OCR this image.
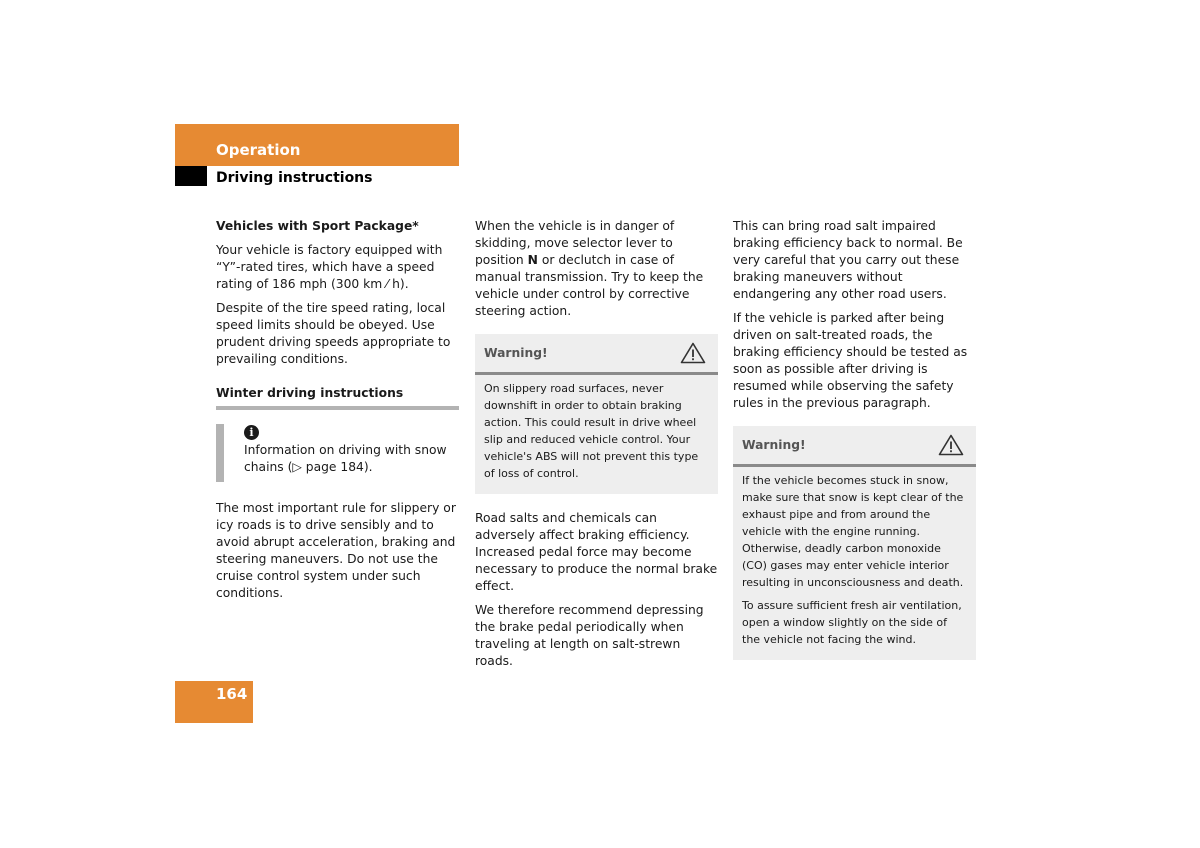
Operation
Driving instructions
Vehicles with Sport Package*

Your vehicle is factory equipped with “Y”-rated tires, which have a speed rating of 186 mph (300 km ⁄ h).

Despite of the tire speed rating, local speed limits should be obeyed. Use prudent driving speeds appropriate to prevailing conditions.

Winter driving instructions
i

Information on driving with snow chains (▷ page 184).

The most important rule for slippery or icy roads is to drive sensibly and to avoid abrupt acceleration, braking and steering maneuvers. Do not use the cruise control system under such conditions.

When the vehicle is in danger of skidding, move selector lever to position N or declutch in case of manual transmission. Try to keep the vehicle under control by corrective steering action.

Warning!

On slippery road surfaces, never downshift in order to obtain braking action. This could result in drive wheel slip and reduced vehicle control. Your vehicle's ABS will not prevent this type of loss of control.

Road salts and chemicals can adversely affect braking efficiency. Increased pedal force may become necessary to produce the normal brake effect.

We therefore recommend depressing the brake pedal periodically when traveling at length on salt-strewn roads.

This can bring road salt impaired braking efficiency back to normal. Be very careful that you carry out these braking maneuvers without endangering any other road users.

If the vehicle is parked after being driven on salt-treated roads, the braking efficiency should be tested as soon as possible after driving is resumed while observing the safety rules in the previous paragraph.

Warning!

If the vehicle becomes stuck in snow, make sure that snow is kept clear of the exhaust pipe and from around the vehicle with the engine running. Otherwise, deadly carbon monoxide (CO) gases may enter vehicle interior resulting in unconsciousness and death.

To assure sufficient fresh air ventilation, open a window slightly on the side of the vehicle not facing the wind.

164
